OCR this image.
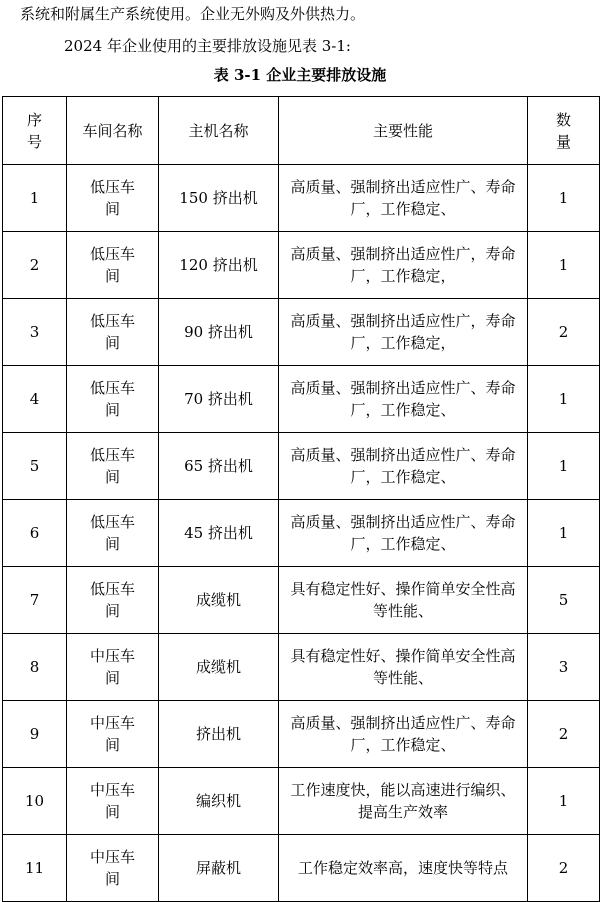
系统和附属生产系统使用。企业无外购及外供热力。

2024 年企业使用的主要排放设施见表 3-1:

表 3-1 企业主要排放设施

序号	车间名称	主机名称	主要性能	数量
1	低压车间	150 挤出机	高质量、强制挤出适应性广、寿命厂，工作稳定、	1
2	低压车间	120 挤出机	高质量、强制挤出适应性广，寿命厂，工作稳定，	1
3	低压车间	90 挤出机	高质量、强制挤出适应性广，寿命厂，工作稳定，	2
4	低压车间	70 挤出机	高质量、强制挤出适应性广、寿命厂，工作稳定、	1
5	低压车间	65 挤出机	高质量、强制挤出适应性广、寿命厂，工作稳定、	1
6	低压车间	45 挤出机	高质量、强制挤出适应性广、寿命厂，工作稳定、	1
7	低压车间	成缆机	具有稳定性好、操作简单安全性高等性能、	5
8	中压车间	成缆机	具有稳定性好、操作简单安全性高等性能、	3
9	中压车间	挤出机	高质量、强制挤出适应性广、寿命厂，工作稳定、	2
10	中压车间	编织机	工作速度快，能以高速进行编织、提高生产效率	1
11	中压车间	屏蔽机	工作稳定效率高，速度快等特点	2
